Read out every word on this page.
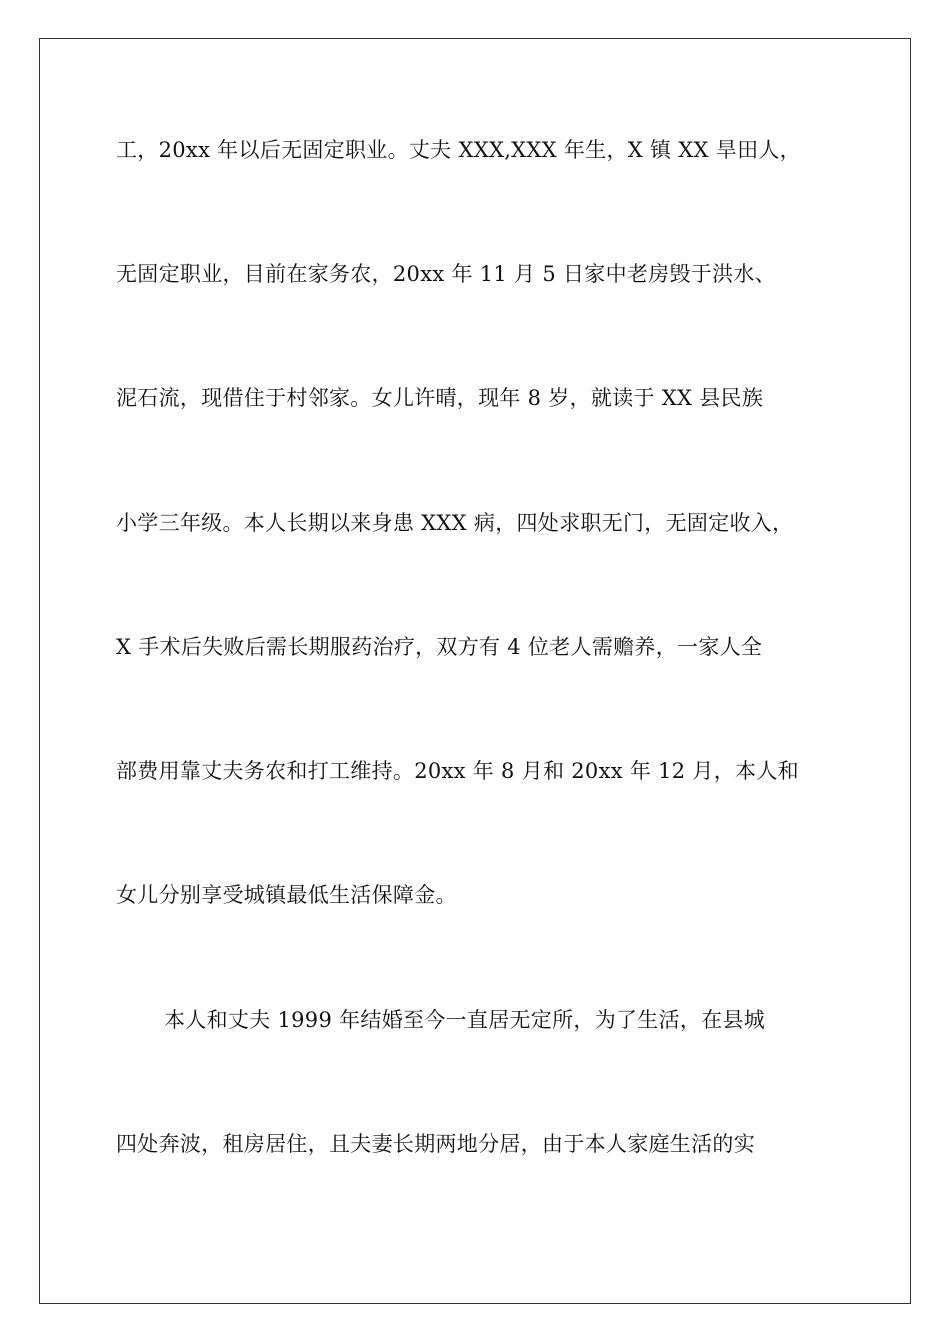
工，20xx 年以后无固定职业。丈夫 XXX,XXX 年生，X 镇 XX 旱田人，
无固定职业，目前在家务农，20xx 年 11 月 5 日家中老房毁于洪水、
泥石流，现借住于村邻家。女儿许晴，现年 8 岁，就读于 XX 县民族
小学三年级。本人长期以来身患 XXX 病，四处求职无门，无固定收入，
X 手术后失败后需长期服药治疗，双方有 4 位老人需赡养，一家人全
部费用靠丈夫务农和打工维持。20xx 年 8 月和 20xx 年 12 月，本人和
女儿分别享受城镇最低生活保障金。
本人和丈夫 1999 年结婚至今一直居无定所，为了生活，在县城
四处奔波，租房居住，且夫妻长期两地分居，由于本人家庭生活的实
